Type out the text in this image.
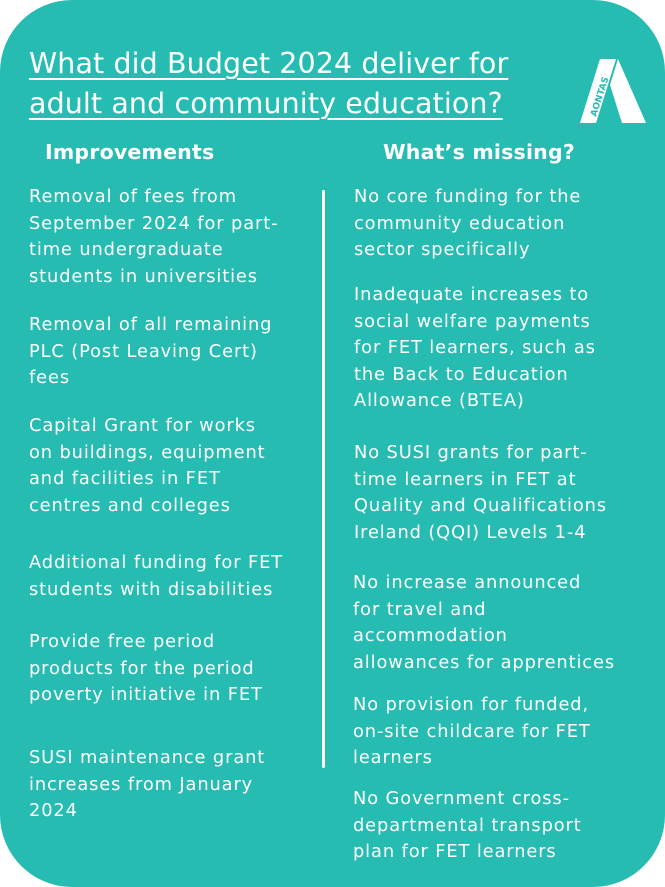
What did Budget 2024 deliver for
adult and community education?	AONTAS
Improvements	What’s missing?
Removal of fees from
September 2024 for part-
time undergraduate
students in universities
Removal of all remaining
PLC (Post Leaving Cert)
fees
Capital Grant for works
on buildings, equipment
and facilities in FET
centres and colleges
Additional funding for FET
students with disabilities
Provide free period
products for the period
poverty initiative in FET
SUSI maintenance grant
increases from January
2024
No core funding for the
community education
sector specifically
Inadequate increases to
social welfare payments
for FET learners, such as
the Back to Education
Allowance (BTEA)
No SUSI grants for part-
time learners in FET at
Quality and Qualifications
Ireland (QQI) Levels 1-4
No increase announced
for travel and
accommodation
allowances for apprentices
No provision for funded,
on-site childcare for FET
learners
No Government cross-
departmental transport
plan for FET learners
